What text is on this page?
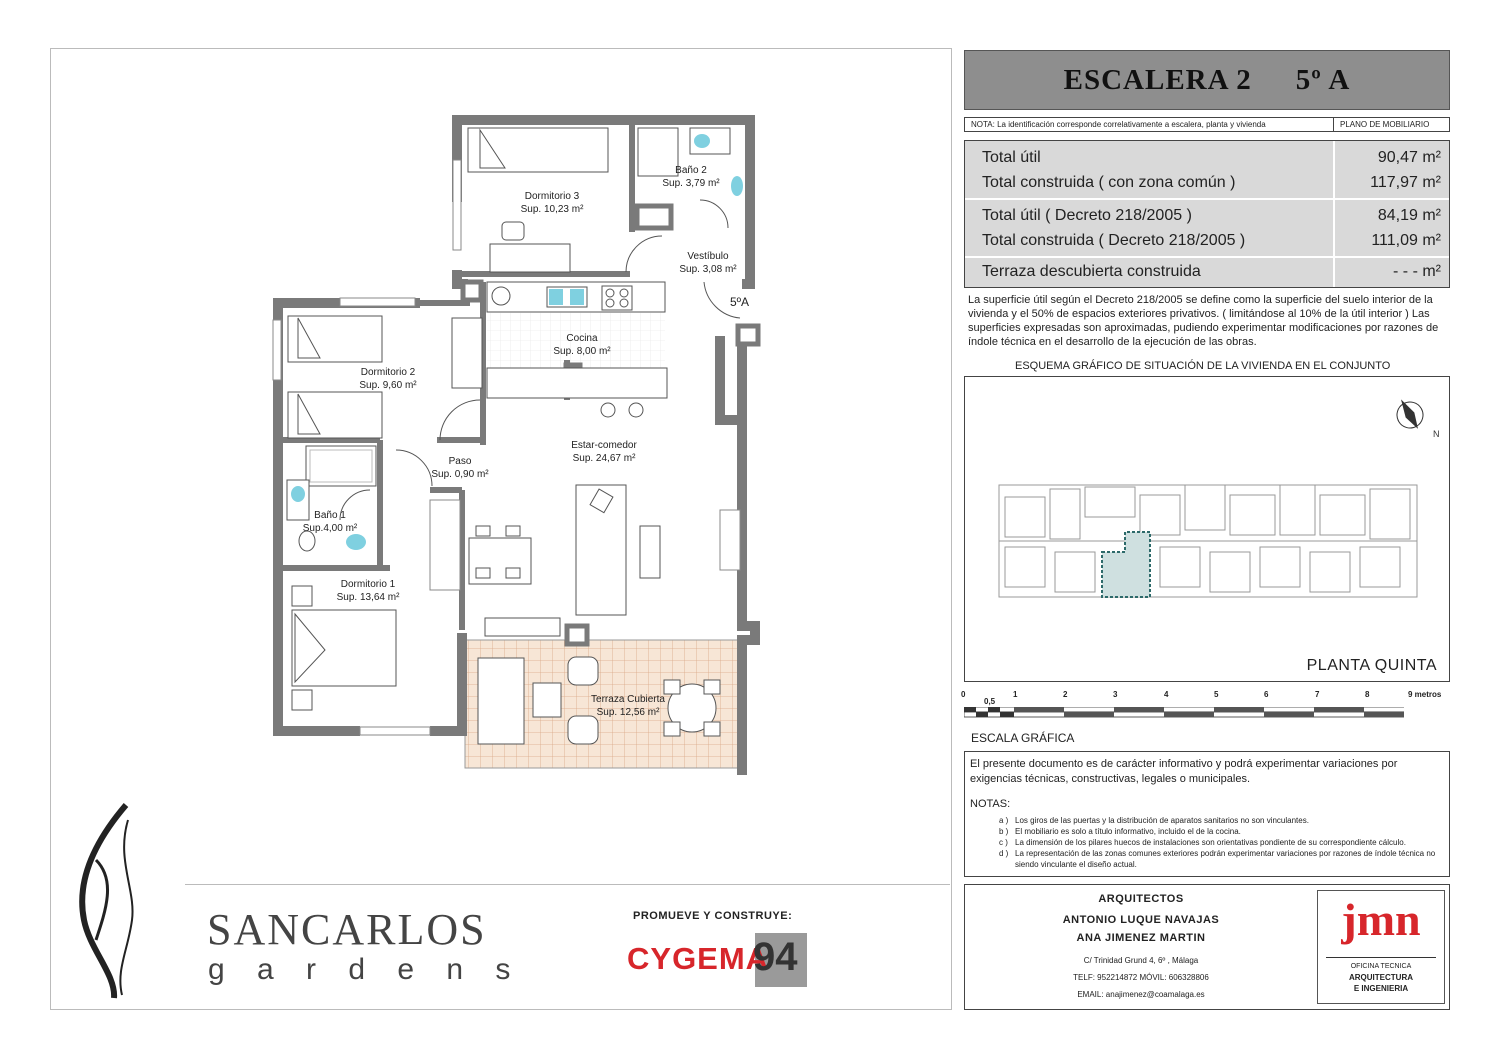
Dormitorio 3
Sup. 10,23 m²
Baño 2
Sup. 3,79 m²
Vestíbulo
Sup. 3,08 m²
Cocina
Sup. 8,00 m²
Dormitorio 2
Sup. 9,60 m²
Estar-comedor
Sup. 24,67 m²
Paso
Sup. 0,90 m²
Baño 1
Sup.4,00 m²
Dormitorio 1
Sup. 13,64 m²
Terraza Cubierta
Sup. 12,56 m²
5ºA
SANCARLOS
g a r d e n s
PROMUEVE Y CONSTRUYE:
CYGEMA
94
ESCALERA 2 5º A
NOTA: La identificación corresponde correlativamente a escalera, planta y vivienda	PLANO DE MOBILIARIO
Total útil	90,47 m²
Total construida ( con zona común )	117,97 m²
Total útil ( Decreto 218/2005 )	84,19 m²
Total construida ( Decreto 218/2005 )	111,09 m²
Terraza descubierta construida	- - - m²
La superficie útil según el Decreto 218/2005 se define como la superficie del suelo interior de la vivienda y el 50% de espacios exteriores privativos. ( limitándose al 10% de la útil interior ) Las superficies expresadas son aproximadas, pudiendo experimentar modificaciones por razones de índole técnica en el desarrollo de la ejecución de las obras.
ESQUEMA GRÁFICO DE SITUACIÓN DE LA VIVIENDA EN EL CONJUNTO
N
PLANTA QUINTA
0
0,5
1	2	3	4	5	6	7	8	9 metros
ESCALA GRÁFICA
El presente documento es de carácter informativo y podrá experimentar variaciones por exigencias técnicas, constructivas, legales o municipales.
NOTAS:
a ) Los giros de las puertas y la distribución de aparatos sanitarios no son vinculantes.
b ) El mobiliario es solo a título informativo, incluido el de la cocina.
c ) La dimensión de los pilares huecos de instalaciones son orientativas pondiente de su correspondiente cálculo.
d ) La representación de las zonas comunes exteriores podrán experimentar variaciones por razones de índole técnica no siendo vinculante el diseño actual.
ARQUITECTOS
ANTONIO LUQUE NAVAJAS
ANA JIMENEZ MARTIN
C/ Trinidad Grund 4, 6º , Málaga
TELF: 952214872 MÓVIL: 606328806
EMAIL: anajimenez@coamalaga.es
jmn
OFICINA TECNICA
ARQUITECTURA
E INGENIERIA
